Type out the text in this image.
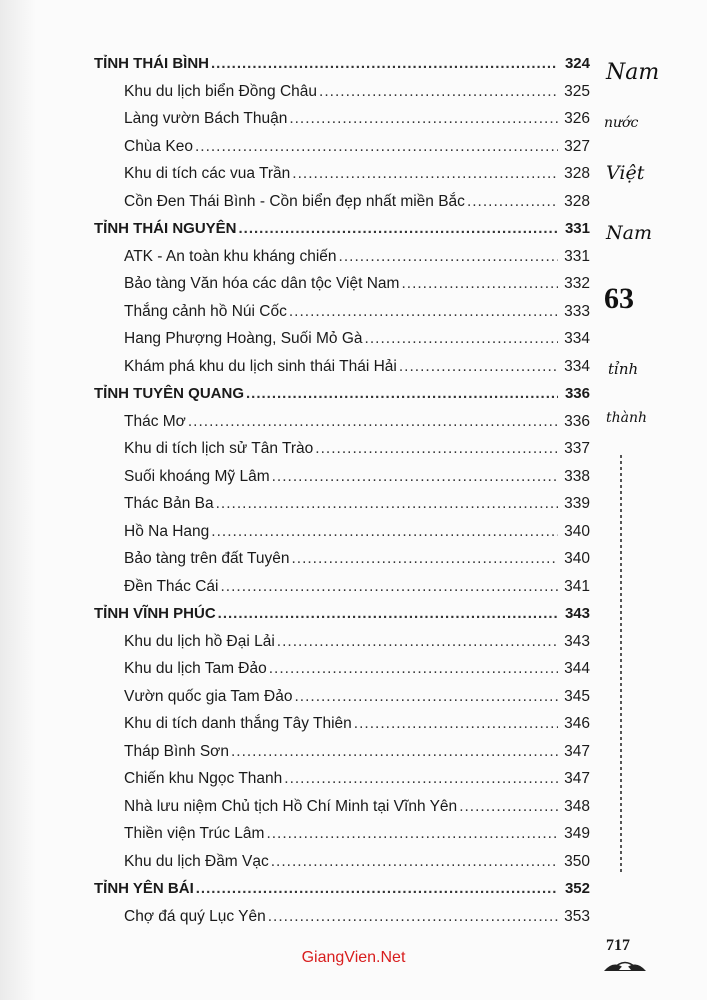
TỈNH THÁI BÌNH .....	324
Khu du lịch biển Đồng Châu .....	325
Làng vườn Bách Thuận .....	326
Chùa Keo .....	327
Khu di tích các vua Trần .....	328
Cồn Đen Thái Bình - Cồn biển đẹp nhất miền Bắc .....	328
TỈNH THÁI NGUYÊN .....	331
ATK - An toàn khu kháng chiến .....	331
Bảo tàng Văn hóa các dân tộc Việt Nam .....	332
Thắng cảnh hồ Núi Cốc .....	333
Hang Phượng Hoàng, Suối Mỏ Gà .....	334
Khám phá khu du lịch sinh thái Thái Hải .....	334
TỈNH TUYÊN QUANG .....	336
Thác Mơ .....	336
Khu di tích lịch sử Tân Trào .....	337
Suối khoáng Mỹ Lâm .....	338
Thác Bản Ba .....	339
Hồ Na Hang .....	340
Bảo tàng trên đất Tuyên .....	340
Đền Thác Cái .....	341
TỈNH VĨNH PHÚC .....	343
Khu du lịch hồ Đại Lải .....	343
Khu du lịch Tam Đảo .....	344
Vườn quốc gia Tam Đảo .....	345
Khu di tích danh thắng Tây Thiên .....	346
Tháp Bình Sơn .....	347
Chiến khu Ngọc Thanh .....	347
Nhà lưu niệm Chủ tịch Hồ Chí Minh tại Vĩnh Yên .....	348
Thiền viện Trúc Lâm .....	349
Khu du lịch Đầm Vạc .....	350
TỈNH YÊN BÁI .....	352
Chợ đá quý Lục Yên .....	353
Nam
nước
Việt
Nam
63
tỉnh
thành
717
GiangVien.Net
